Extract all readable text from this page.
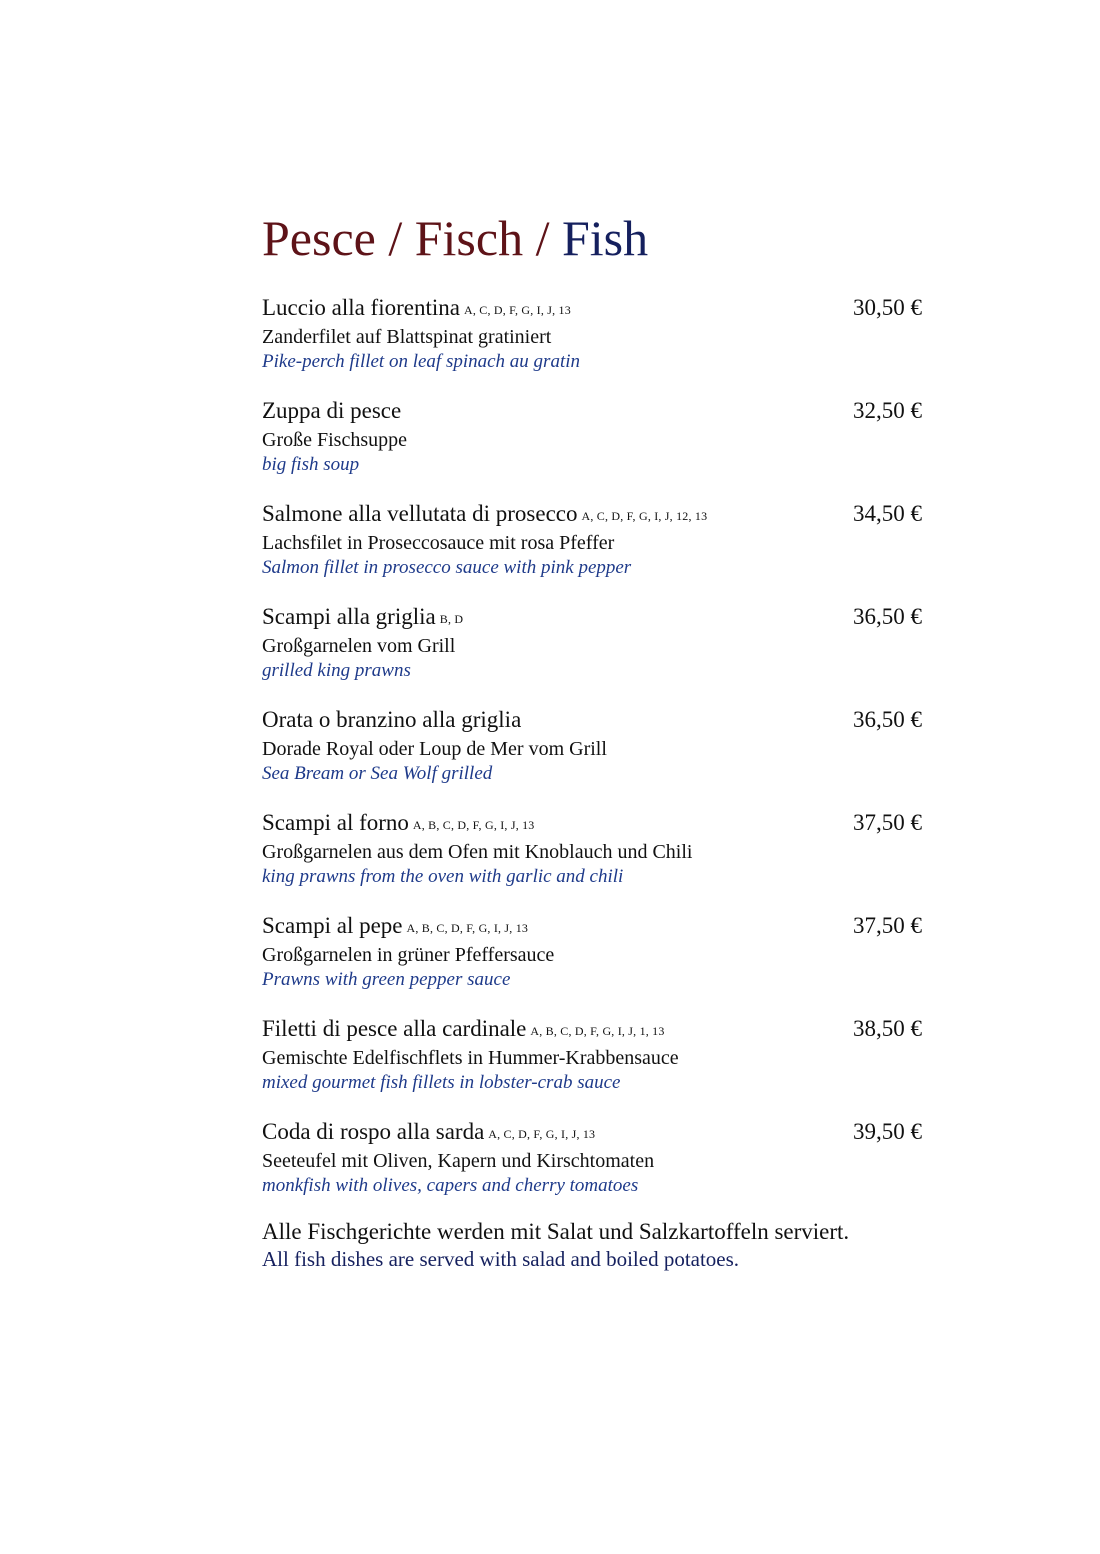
Pesce / Fisch / Fish
Luccio alla fiorentina A, C, D, F, G, I, J, 13	30,50 €
Zanderfilet auf Blattspinat gratiniert
Pike-perch fillet on leaf spinach au gratin
Zuppa di pesce	32,50 €
Große Fischsuppe
big fish soup
Salmone alla vellutata di prosecco A, C, D, F, G, I, J, 12, 13	34,50 €
Lachsfilet in Proseccosauce mit rosa Pfeffer
Salmon fillet in prosecco sauce with pink pepper
Scampi alla griglia B, D	36,50 €
Großgarnelen vom Grill
grilled king prawns
Orata o branzino alla griglia	36,50 €
Dorade Royal oder Loup de Mer vom Grill
Sea Bream or Sea Wolf grilled
Scampi al forno A, B, C, D, F, G, I, J, 13	37,50 €
Großgarnelen aus dem Ofen mit Knoblauch und Chili
king prawns from the oven with garlic and chili
Scampi al pepe A, B, C, D, F, G, I, J, 13	37,50 €
Großgarnelen in grüner Pfeffersauce
Prawns with green pepper sauce
Filetti di pesce alla cardinale A, B, C, D, F, G, I, J, 1, 13	38,50 €
Gemischte Edelfischflets in Hummer-Krabbensauce
mixed gourmet fish fillets in lobster-crab sauce
Coda di rospo alla sarda A, C, D, F, G, I, J, 13	39,50 €
Seeteufel mit Oliven, Kapern und Kirschtomaten
monkfish with olives, capers and cherry tomatoes
Alle Fischgerichte werden mit Salat und Salzkartoffeln serviert.
All fish dishes are served with salad and boiled potatoes.
